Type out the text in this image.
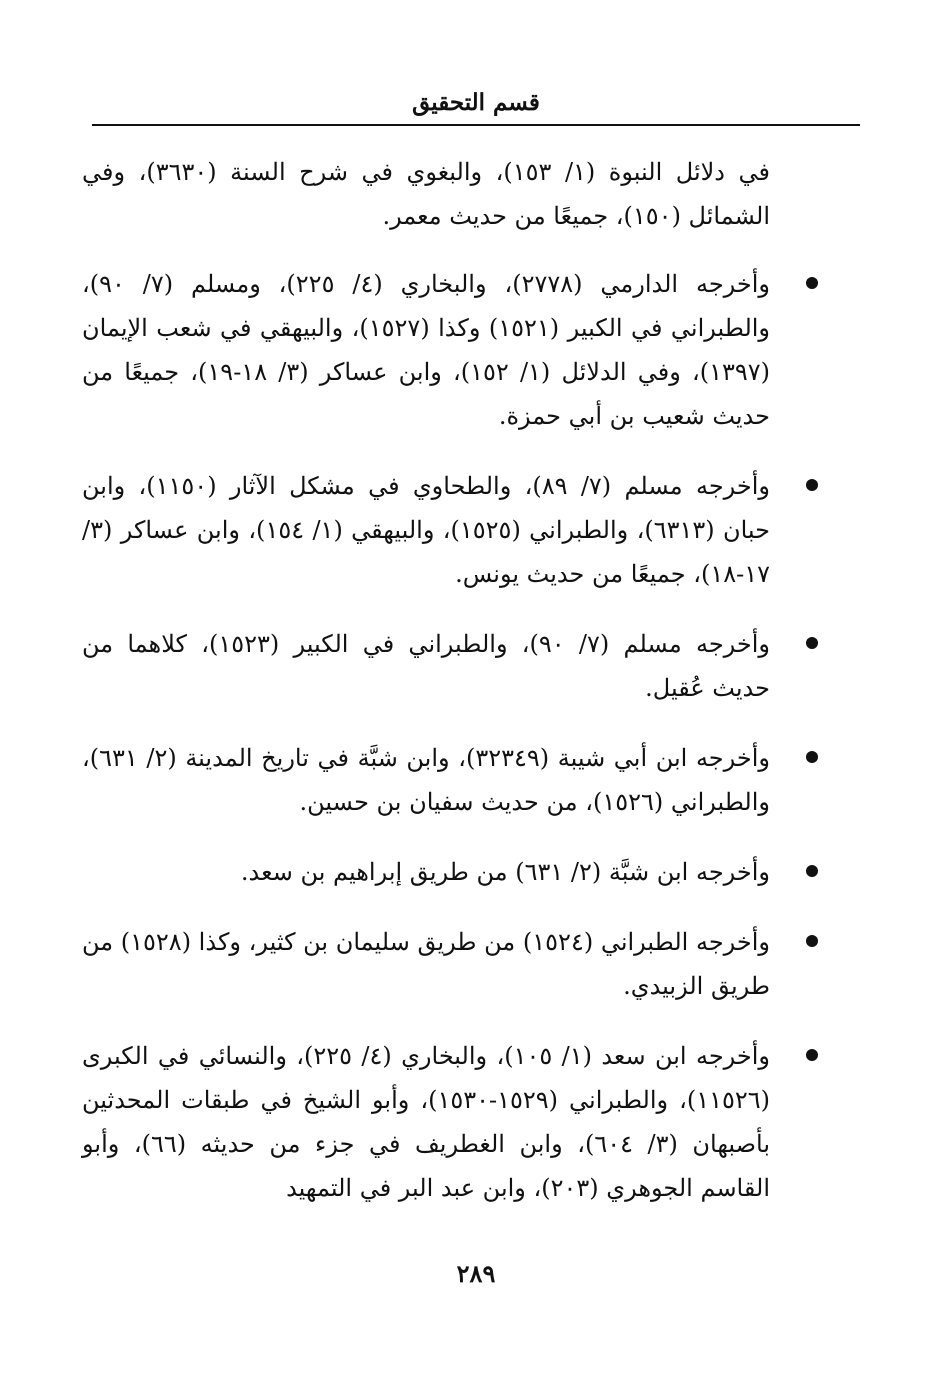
قسم التحقيق

في دلائل النبوة (١/ ١٥٣)، والبغوي في شرح السنة (٣٦٣٠)، وفي الشمائل (١٥٠)، جميعًا من حديث معمر.

وأخرجه الدارمي (٢٧٧٨)، والبخاري (٤/ ٢٢٥)، ومسلم (٧/ ٩٠)، والطبراني في الكبير (١٥٢١) وكذا (١٥٢٧)، والبيهقي في شعب الإيمان (١٣٩٧)، وفي الدلائل (١/ ١٥٢)، وابن عساكر (٣/ ١٨-١٩)، جميعًا من حديث شعيب بن أبي حمزة.
وأخرجه مسلم (٧/ ٨٩)، والطحاوي في مشكل الآثار (١١٥٠)، وابن حبان (٦٣١٣)، والطبراني (١٥٢٥)، والبيهقي (١/ ١٥٤)، وابن عساكر (٣/ ١٧-١٨)، جميعًا من حديث يونس.
وأخرجه مسلم (٧/ ٩٠)، والطبراني في الكبير (١٥٢٣)، كلاهما من حديث عُقيل.
وأخرجه ابن أبي شيبة (٣٢٣٤٩)، وابن شبَّة في تاريخ المدينة (٢/ ٦٣١)، والطبراني (١٥٢٦)، من حديث سفيان بن حسين.
وأخرجه ابن شبَّة (٢/ ٦٣١) من طريق إبراهيم بن سعد.
وأخرجه الطبراني (١٥٢٤) من طريق سليمان بن كثير، وكذا (١٥٢٨) من طريق الزبيدي.
وأخرجه ابن سعد (١/ ١٠٥)، والبخاري (٤/ ٢٢٥)، والنسائي في الكبرى (١١٥٢٦)، والطبراني (١٥٢٩-١٥٣٠)، وأبو الشيخ في طبقات المحدثين بأصبهان (٣/ ٦٠٤)، وابن الغطريف في جزء من حديثه (٦٦)، وأبو القاسم الجوهري (٢٠٣)، وابن عبد البر في التمهيد
٢٨٩
